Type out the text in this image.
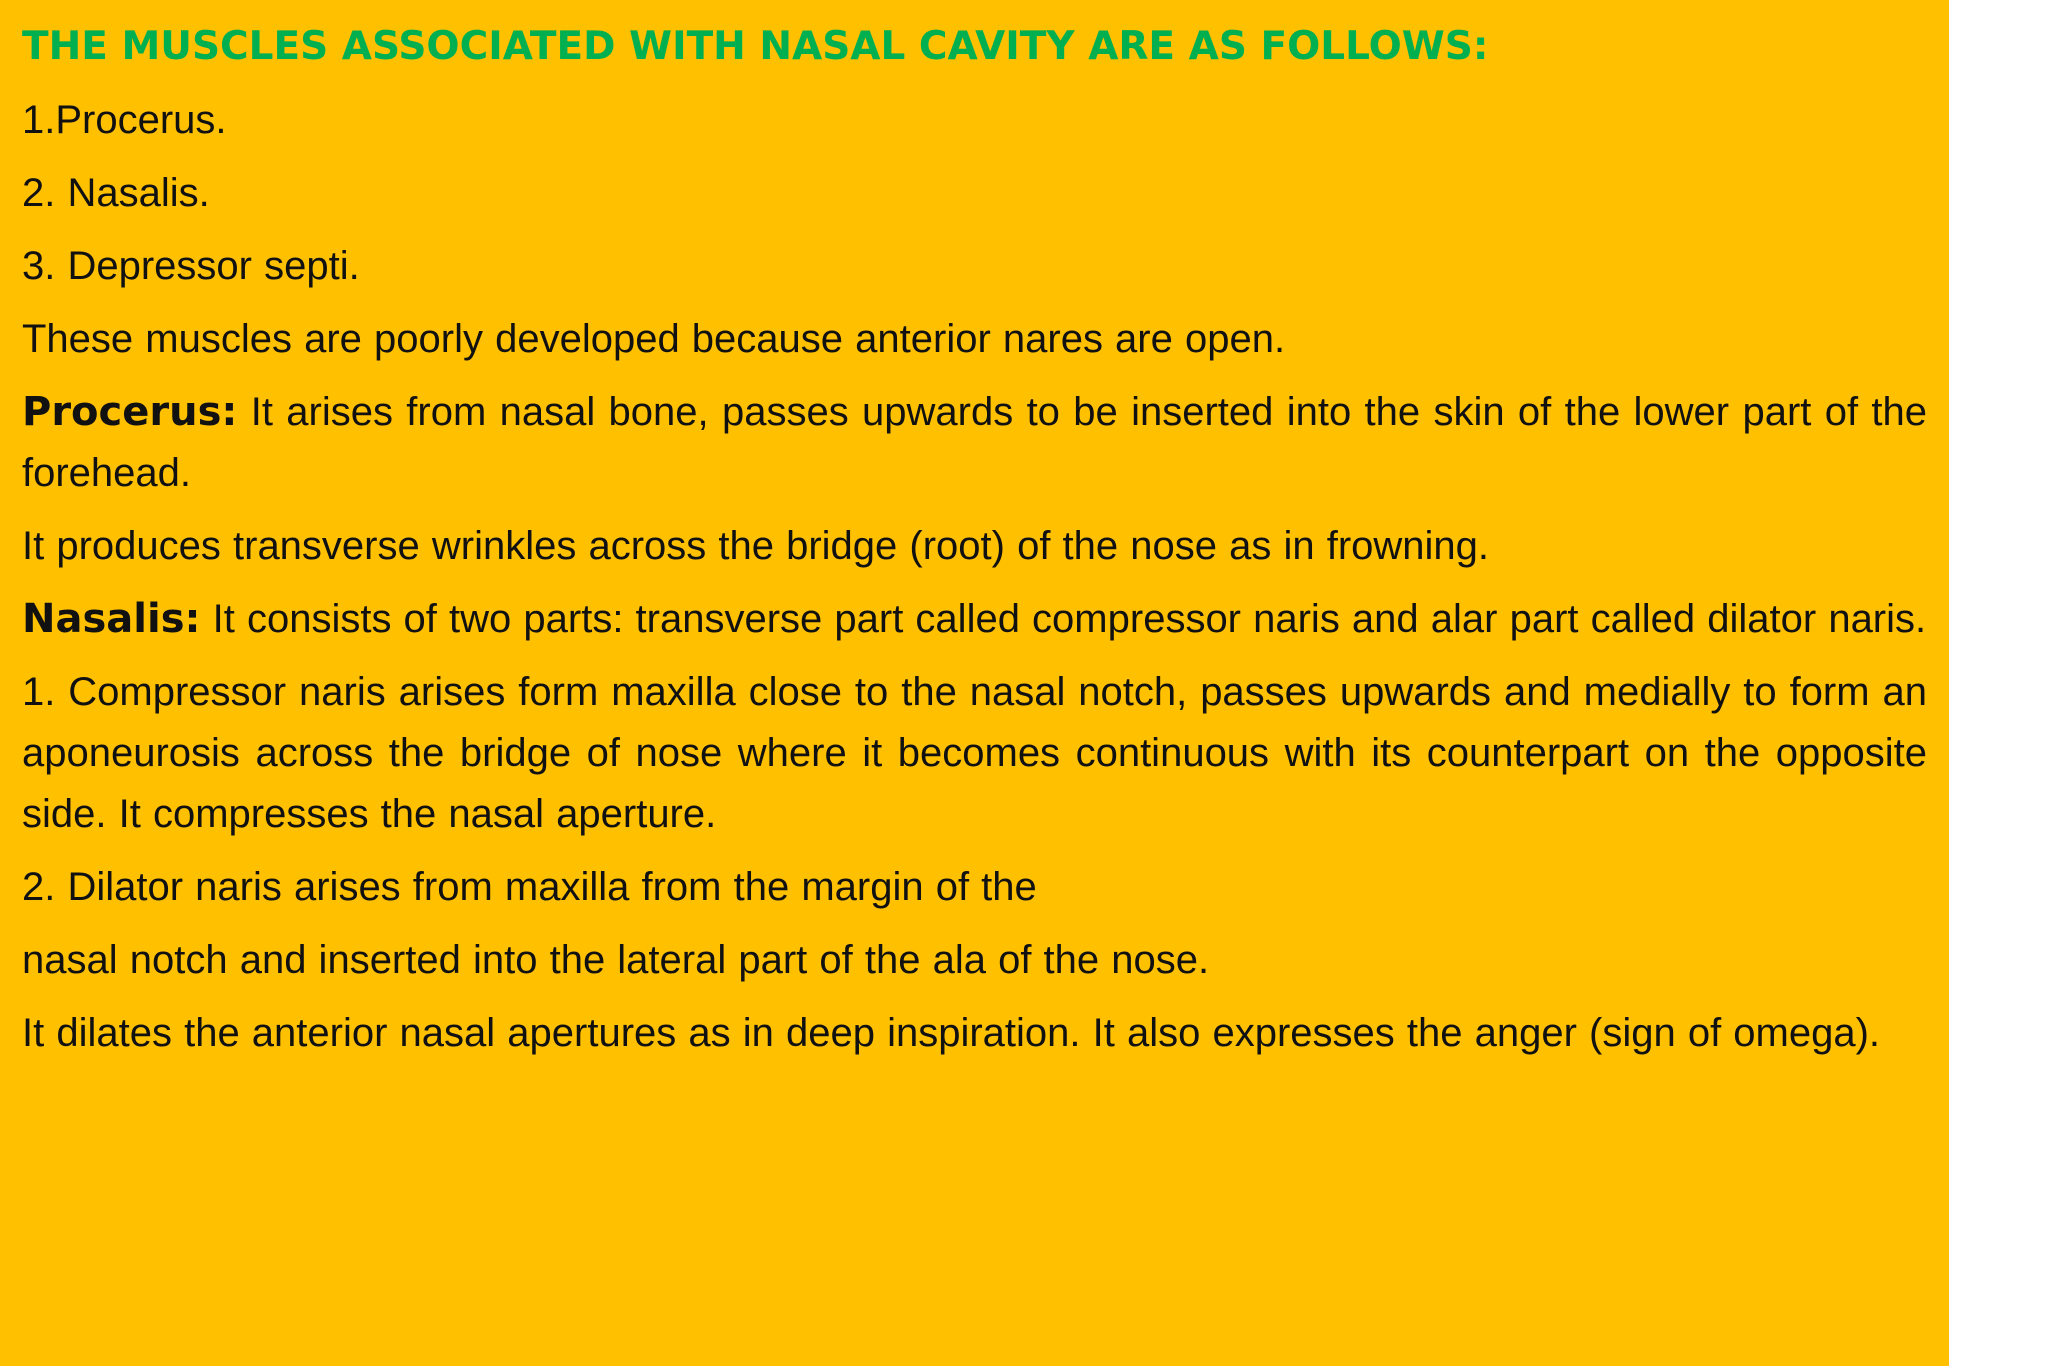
THE MUSCLES ASSOCIATED WITH NASAL CAVITY ARE AS FOLLOWS:
1.Procerus.
2. Nasalis.
3. Depressor septi.
These muscles are poorly developed because anterior nares are open.
Procerus: It arises from nasal bone, passes upwards to be inserted into the skin of the lower part of the forehead.
It produces transverse wrinkles across the bridge (root) of the nose as in frowning.
Nasalis: It consists of two parts: transverse part called compressor naris and alar part called dilator naris.
1. Compressor naris arises form maxilla close to the nasal notch, passes upwards and medially to form an aponeurosis across the bridge of nose where it becomes continuous with its counterpart on the opposite side. It compresses the nasal aperture.
2. Dilator naris arises from maxilla from the margin of the
nasal notch and inserted into the lateral part of the ala of the nose.
It dilates the anterior nasal apertures as in deep inspiration. It also expresses the anger (sign of omega).
